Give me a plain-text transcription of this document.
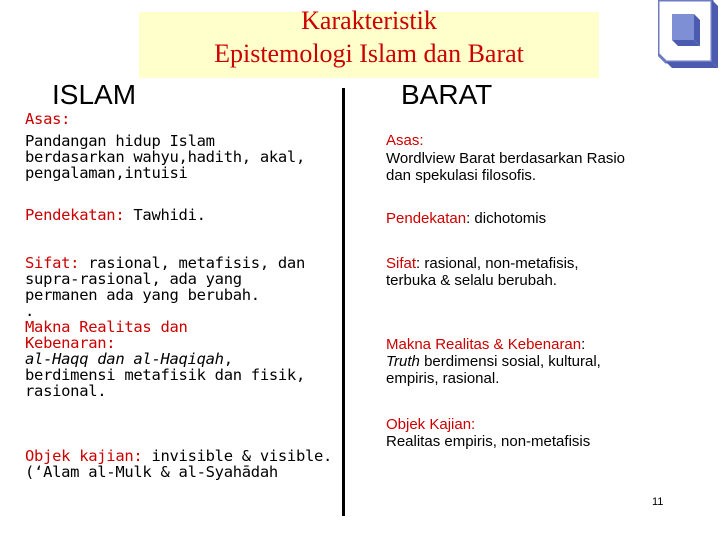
Karakteristik
Epistemologi Islam dan Barat
ISLAM	BARAT
Asas:
Pandangan hidup Islam
berdasarkan wahyu,hadith, akal,
pengalaman,intuisi
Pendekatan: Tawhidi.
Sifat: rasional, metafisis, dan
supra-rasional, ada yang
permanen ada yang berubah.
.
Makna Realitas dan
Kebenaran:
al-Haqq dan al-Haqiqah,
berdimensi metafisik dan fisik,
rasional.
Objek kajian: invisible & visible.
(‘Alam al-Mulk & al-Syahādah
Asas:
Wordlview Barat berdasarkan Rasio
dan spekulasi filosofis.
Pendekatan: dichotomis
Sifat: rasional, non-metafisis,
terbuka & selalu berubah.
Makna Realitas & Kebenaran:
Truth berdimensi sosial, kultural,
empiris, rasional.
Objek Kajian:
Realitas empiris, non-metafisis
11
